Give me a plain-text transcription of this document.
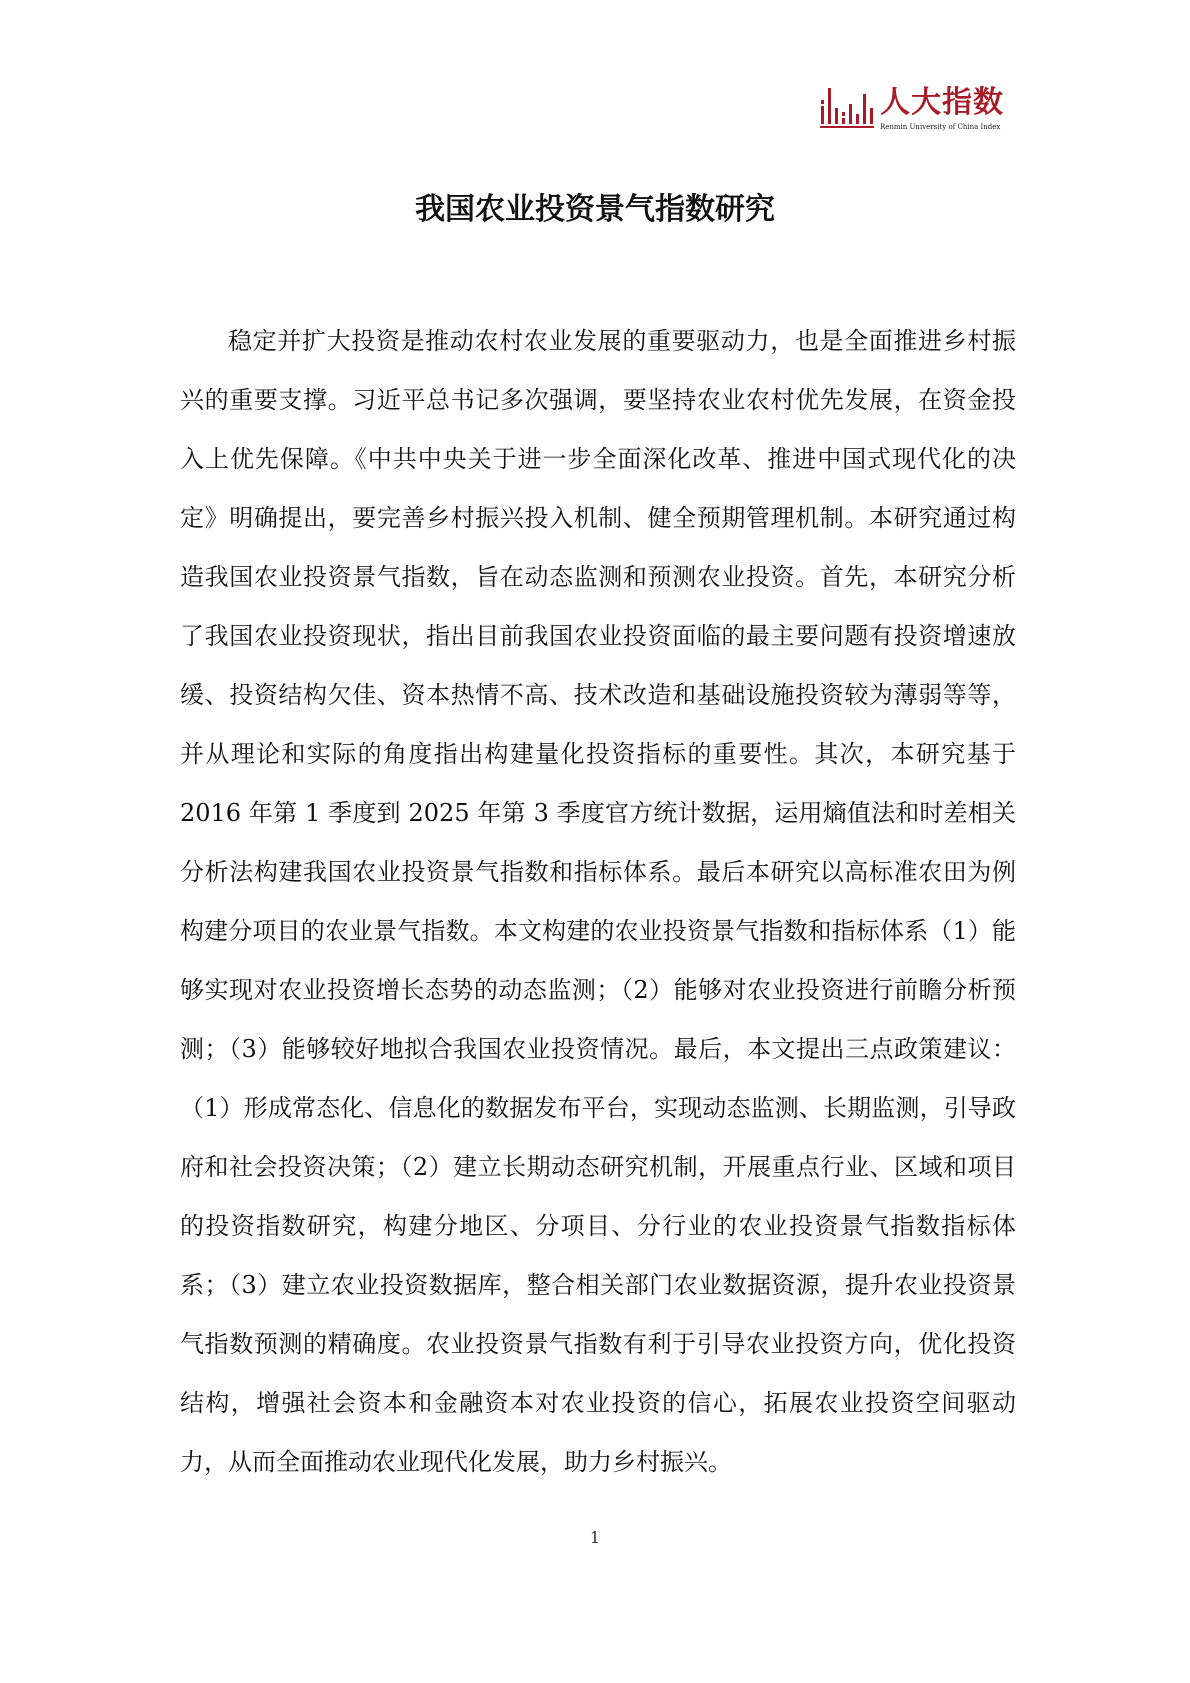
人大指数
Renmin University of China Index
我国农业投资景气指数研究

稳定并扩大投资是推动农村农业发展的重要驱动力，也是全面推进乡村振兴的重要支撑。习近平总书记多次强调，要坚持农业农村优先发展，在资金投入上优先保障。《中共中央关于进一步全面深化改革、推进中国式现代化的决定》明确提出，要完善乡村振兴投入机制、健全预期管理机制。本研究通过构造我国农业投资景气指数，旨在动态监测和预测农业投资。首先，本研究分析了我国农业投资现状，指出目前我国农业投资面临的最主要问题有投资增速放缓、投资结构欠佳、资本热情不高、技术改造和基础设施投资较为薄弱等等，并从理论和实际的角度指出构建量化投资指标的重要性。其次，本研究基于 2016 年第 1 季度到 2025 年第 3 季度官方统计数据，运用熵值法和时差相关分析法构建我国农业投资景气指数和指标体系。最后本研究以高标准农田为例构建分项目的农业景气指数。本文构建的农业投资景气指数和指标体系（1）能够实现对农业投资增长态势的动态监测；（2）能够对农业投资进行前瞻分析预测；（3）能够较好地拟合我国农业投资情况。最后，本文提出三点政策建议：（1）形成常态化、信息化的数据发布平台，实现动态监测、长期监测，引导政府和社会投资决策；（2）建立长期动态研究机制，开展重点行业、区域和项目的投资指数研究，构建分地区、分项目、分行业的农业投资景气指数指标体系；（3）建立农业投资数据库，整合相关部门农业数据资源，提升农业投资景气指数预测的精确度。农业投资景气指数有利于引导农业投资方向，优化投资结构，增强社会资本和金融资本对农业投资的信心，拓展农业投资空间驱动力，从而全面推动农业现代化发展，助力乡村振兴。

1
